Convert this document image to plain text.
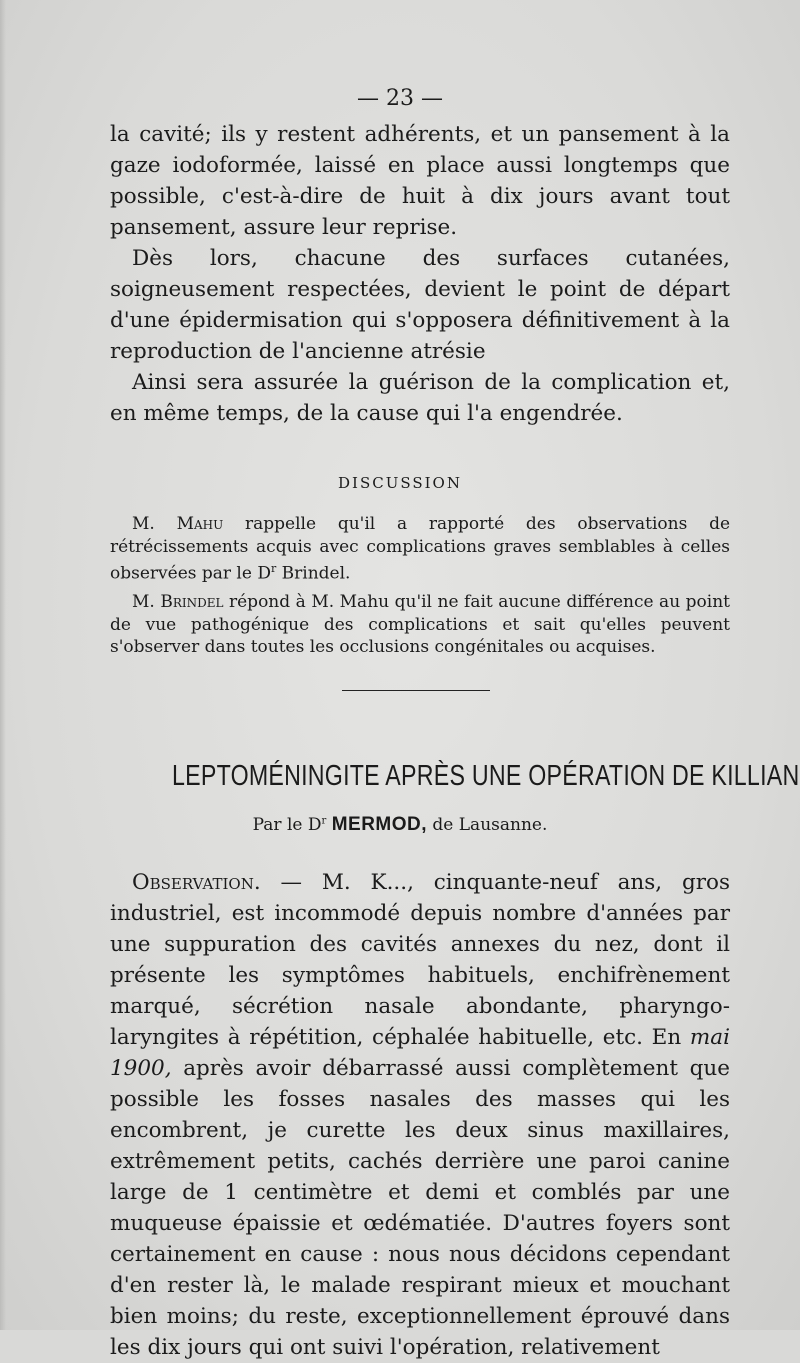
— 23 —

la cavité; ils y restent adhérents, et un pansement à la gaze iodoformée, laissé en place aussi longtemps que possible, c'est-à-dire de huit à dix jours avant tout pansement, assure leur reprise.

Dès lors, chacune des surfaces cutanées, soigneusement respectées, devient le point de départ d'une épidermisation qui s'opposera définitivement à la reproduction de l'ancienne atrésie

Ainsi sera assurée la guérison de la complication et, en même temps, de la cause qui l'a engendrée.

DISCUSSION

M. Mahu rappelle qu'il a rapporté des observations de rétrécissements acquis avec complications graves semblables à celles observées par le $D^r$ Brindel.

M. Brindel répond à M. Mahu qu'il ne fait aucune différence au point de vue pathogénique des complications et sait qu'elles peuvent s'observer dans toutes les occlusions congénitales ou acquises.

LEPTOMÉNINGITE APRÈS UNE OPÉRATION DE KILLIAN
Par le $D^r$ MERMOD, de Lausanne.

Observation. — M. K..., cinquante-neuf ans, gros industriel, est incommodé depuis nombre d'années par une suppuration des cavités annexes du nez, dont il présente les symptômes habituels, enchifrènement marqué, sécrétion nasale abondante, pharyngo-laryngites à répétition, céphalée habituelle, etc. En mai 1900, après avoir débarrassé aussi complètement que possible les fosses nasales des masses qui les encombrent, je curette les deux sinus maxillaires, extrêmement petits, cachés derrière une paroi canine large de 1 centimètre et demi et comblés par une muqueuse épaissie et œdématiée. D'autres foyers sont certainement en cause : nous nous décidons cependant d'en rester là, le malade respirant mieux et mouchant bien moins; du reste, exceptionnellement éprouvé dans les dix jours qui ont suivi l'opération, relativement
